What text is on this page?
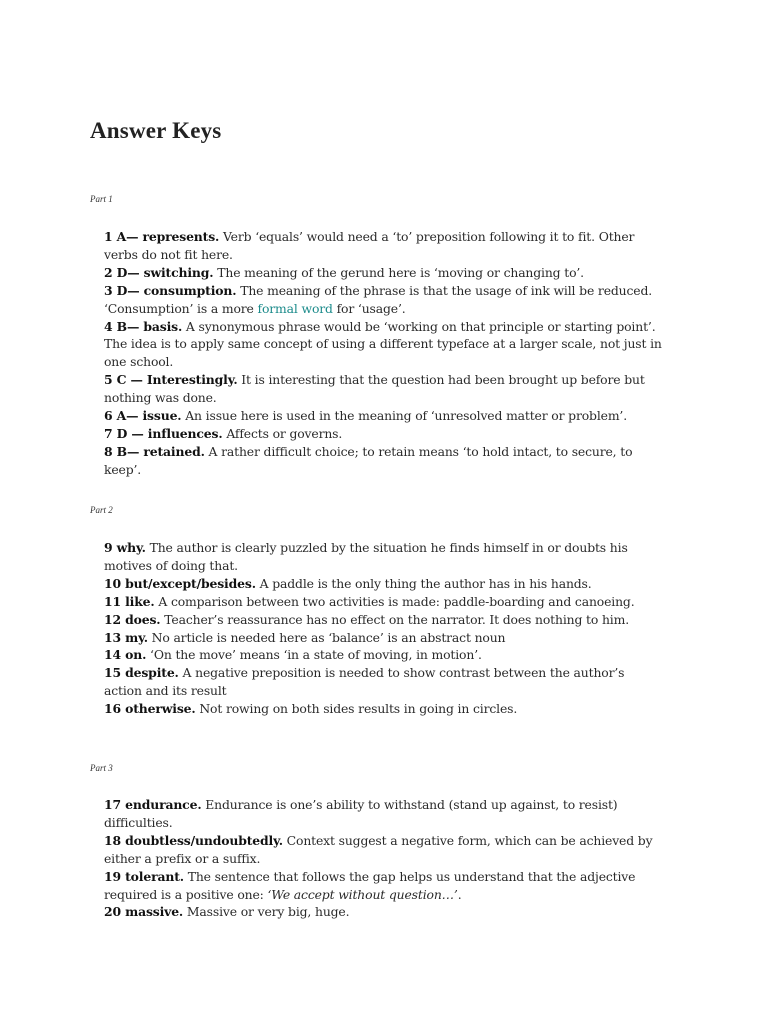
Answer Keys

Part 1

1 A— represents. Verb ‘equals’ would need a ‘to’ preposition following it to fit. Other verbs do not fit here.

2 D— switching. The meaning of the gerund here is ‘moving or changing to’.

3 D— consumption. The meaning of the phrase is that the usage of ink will be reduced. ‘Consumption’ is a more formal word for ‘usage’.

4 B— basis. A synonymous phrase would be ‘working on that principle or starting point’. The idea is to apply same concept of using a different typeface at a larger scale, not just in one school.

5 C — Interestingly. It is interesting that the question had been brought up before but nothing was done.

6 A— issue. An issue here is used in the meaning of ‘unresolved matter or problem’.

7 D — influences. Affects or governs.

8 B— retained. A rather difficult choice; to retain means ‘to hold intact, to secure, to keep’.

Part 2

9 why. The author is clearly puzzled by the situation he finds himself in or doubts his motives of doing that.

10 but/except/besides. A paddle is the only thing the author has in his hands.

11 like. A comparison between two activities is made: paddle-boarding and canoeing.

12 does. Teacher’s reassurance has no effect on the narrator. It does nothing to him.

13 my. No article is needed here as ‘balance’ is an abstract noun

14 on. ‘On the move’ means ‘in a state of moving, in motion’.

15 despite. A negative preposition is needed to show contrast between the author’s action and its result

16 otherwise. Not rowing on both sides results in going in circles.

Part 3

17 endurance. Endurance is one’s ability to withstand (stand up against, to resist) difficulties.

18 doubtless/undoubtedly. Context suggest a negative form, which can be achieved by either a prefix or a suffix.

19 tolerant. The sentence that follows the gap helps us understand that the adjective required is a positive one: ‘We accept without question…’.

20 massive. Massive or very big, huge.
